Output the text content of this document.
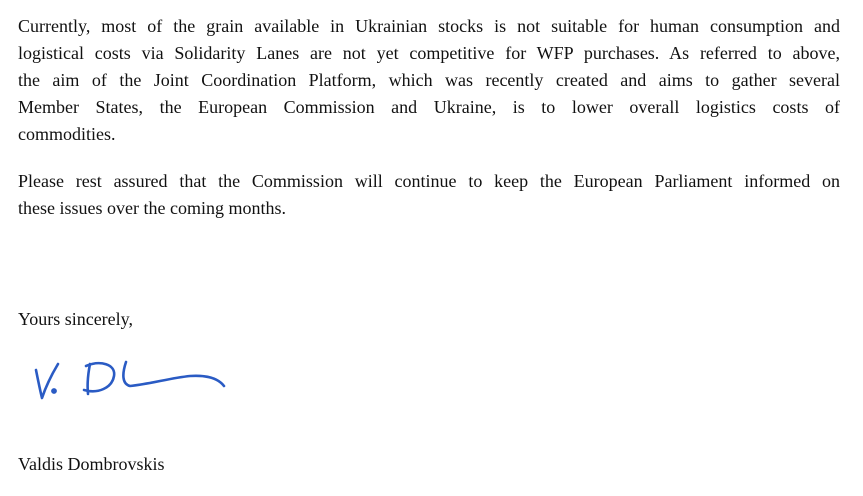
Currently, most of the grain available in Ukrainian stocks is not suitable for human consumption and
logistical costs via Solidarity Lanes are not yet competitive for WFP purchases. As referred to above,
the aim of the Joint Coordination Platform, which was recently created and aims to gather several
Member States, the European Commission and Ukraine, is to lower overall logistics costs of
commodities.

Please rest assured that the Commission will continue to keep the European Parliament informed on
these issues over the coming months.

Yours sincerely,

Valdis Dombrovskis
